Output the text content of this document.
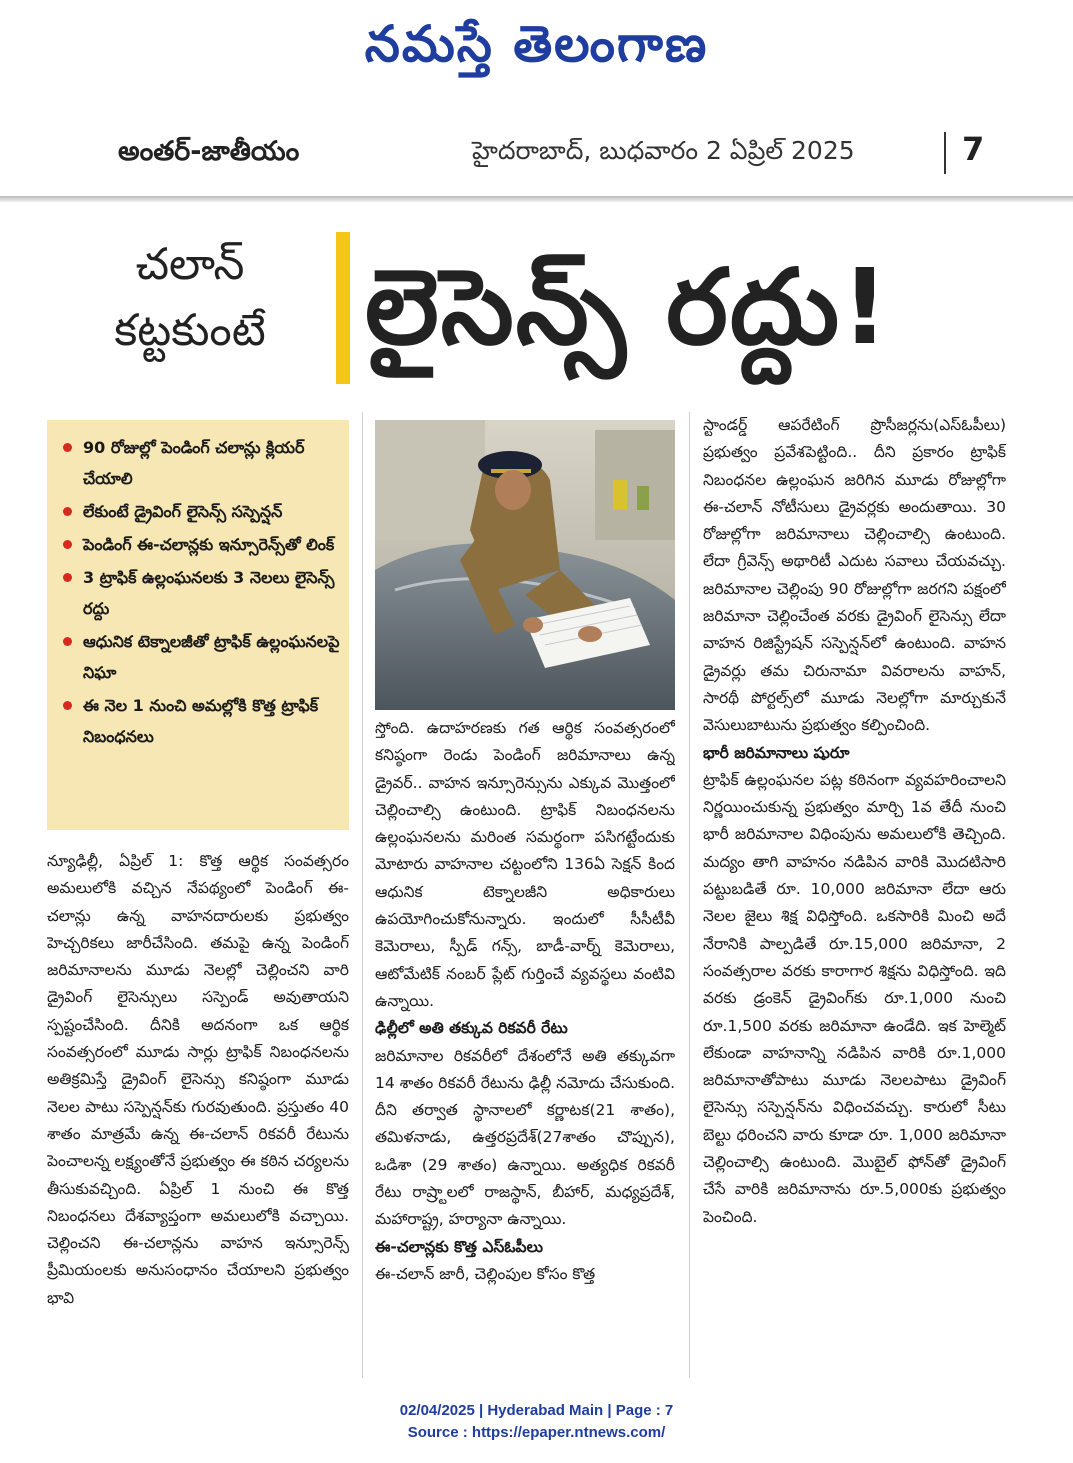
నమస్తే తెలంగాణ
అంతర్-జాతీయం	హైదరాబాద్, బుధవారం 2 ఏప్రిల్ 2025	7
చలాన్
కట్టకుంటే లైసెన్స్ రద్దు!
90 రోజుల్లో పెండింగ్ చలాన్లు క్లియర్ చేయాలి
లేకుంటే డ్రైవింగ్ లైసెన్స్ సస్పెన్షన్
పెండింగ్ ఈ-చలాన్లకు ఇన్సూరెన్స్‌తో లింక్
3 ట్రాఫిక్ ఉల్లంఘనలకు 3 నెలలు లైసెన్స్ రద్దు
ఆధునిక టెక్నాలజీతో ట్రాఫిక్ ఉల్లంఘనలపై నిఘా
ఈ నెల 1 నుంచి అమల్లోకి కొత్త ట్రాఫిక్ నిబంధనలు

న్యూఢిల్లీ, ఏప్రిల్ 1: కొత్త ఆర్థిక సంవత్సరం అమలులోకి వచ్చిన నేపథ్యంలో పెండింగ్ ఈ-చలాన్లు ఉన్న వాహనదారులకు ప్రభుత్వం హెచ్చరికలు జారీచేసింది. తమపై ఉన్న పెండింగ్ జరిమానాలను మూడు నెలల్లో చెల్లించని వారి డ్రైవింగ్ లైసెన్సులు సస్పెండ్ అవుతాయని స్పష్టంచేసింది. దీనికి అదనంగా ఒక ఆర్థిక సంవత్సరంలో మూడు సార్లు ట్రాఫిక్ నిబంధనలను అతిక్రమిస్తే డ్రైవింగ్ లైసెన్సు కనిష్ఠంగా మూడు నెలల పాటు సస్పెన్షన్‌కు గురవుతుంది. ప్రస్తుతం 40 శాతం మాత్రమే ఉన్న ఈ-చలాన్ రికవరీ రేటును పెంచాలన్న లక్ష్యంతోనే ప్రభుత్వం ఈ కఠిన చర్యలను తీసుకువచ్చింది. ఏప్రిల్ 1 నుంచి ఈ కొత్త నిబంధనలు దేశవ్యాప్తంగా అమలులోకి వచ్చాయి. చెల్లించని ఈ-చలాన్లను వాహన ఇన్సూరెన్స్ ప్రీమియంలకు అనుసంధానం చేయాలని ప్రభుత్వం భావి

స్తోంది. ఉదాహరణకు గత ఆర్థిక సంవత్సరంలో కనిష్ఠంగా రెండు పెండింగ్ జరిమానాలు ఉన్న డ్రైవర్.. వాహన ఇన్సూరెన్సును ఎక్కువ మొత్తంలో చెల్లించాల్సి ఉంటుంది. ట్రాఫిక్ నిబంధనలను ఉల్లంఘనలను మరింత సమర్థంగా పసిగట్టేందుకు మోటారు వాహనాల చట్టంలోని 136ఏ సెక్షన్ కింద ఆధునిక టెక్నాలజీని అధికారులు ఉపయోగించుకోనున్నారు. ఇందులో సీసీటీవీ కెమెరాలు, స్పీడ్ గన్స్, బాడీ-వార్న్ కెమెరాలు, ఆటోమేటిక్ నంబర్ ప్లేట్ గుర్తించే వ్యవస్థలు వంటివి ఉన్నాయి.

ఢిల్లీలో అతి తక్కువ రికవరీ రేటు

జరిమానాల రికవరీలో దేశంలోనే అతి తక్కువగా 14 శాతం రికవరీ రేటును ఢిల్లీ నమోదు చేసుకుంది. దీని తర్వాత స్థానాలలో కర్ణాటక(21 శాతం), తమిళనాడు, ఉత్తరప్రదేశ్(27శాతం చొప్పున), ఒడిశా (29 శాతం) ఉన్నాయి. అత్యధిక రికవరీ రేటు రాష్ర్టాలలో రాజస్థాన్, బీహార్, మధ్యప్రదేశ్, మహారాష్ట్ర, హర్యానా ఉన్నాయి.

ఈ-చలాన్లకు కొత్త ఎస్‌ఓపీలు

ఈ-చలాన్ జారీ, చెల్లింపుల కోసం కొత్త

స్టాండర్డ్ ఆపరేటింగ్ ప్రొసీజర్లను(ఎస్‌ఓపీలు) ప్రభుత్వం ప్రవేశపెట్టింది.. దీని ప్రకారం ట్రాఫిక్ నిబంధనల ఉల్లంఘన జరిగిన మూడు రోజుల్లోగా ఈ-చలాన్ నోటీసులు డ్రైవర్లకు అందుతాయి. 30 రోజుల్లోగా జరిమానాలు చెల్లించాల్సి ఉంటుంది. లేదా గ్రీవెన్స్ అథారిటీ ఎదుట సవాలు చేయవచ్చు. జరిమానాల చెల్లింపు 90 రోజుల్లోగా జరగని పక్షంలో జరిమానా చెల్లించేంత వరకు డ్రైవింగ్ లైసెన్సు లేదా వాహన రిజిస్ట్రేషన్ సస్పెన్షన్‌లో ఉంటుంది. వాహన డ్రైవర్లు తమ చిరునామా వివరాలను వాహన్, సారథీ పోర్టల్స్‌లో మూడు నెలల్లోగా మార్చుకునే వెసులుబాటును ప్రభుత్వం కల్పించింది.

భారీ జరిమానాలు షురూ

ట్రాఫిక్ ఉల్లంఘనల పట్ల కఠినంగా వ్యవహరించాలని నిర్ణయించుకున్న ప్రభుత్వం మార్చి 1వ తేదీ నుంచి భారీ జరిమానాల విధింపును అమలులోకి తెచ్చింది. మద్యం తాగి వాహనం నడిపిన వారికి మొదటిసారి పట్టుబడితే రూ. 10,000 జరిమానా లేదా ఆరు నెలల జైలు శిక్ష విధిస్తోంది. ఒకసారికి మించి అదే నేరానికి పాల్పడితే రూ.15,000 జరిమానా, 2 సంవత్సరాల వరకు కారాగార శిక్షను విధిస్తోంది. ఇది వరకు డ్రంకెన్ డ్రైవింగ్‌కు రూ.1,000 నుంచి రూ.1,500 వరకు జరిమానా ఉండేది. ఇక హెల్మెట్ లేకుండా వాహనాన్ని నడిపిన వారికి రూ.1,000 జరిమానాతోపాటు మూడు నెలలపాటు డ్రైవింగ్ లైసెన్సు సస్పెన్షన్‌ను విధించవచ్చు. కారులో సీటు బెల్టు ధరించని వారు కూడా రూ. 1,000 జరిమానా చెల్లించాల్సి ఉంటుంది. మొబైల్ ఫోన్‌తో డ్రైవింగ్ చేసే వారికి జరిమానాను రూ.5,000కు ప్రభుత్వం పెంచింది.

02/04/2025 | Hyderabad Main | Page : 7
Source : https://epaper.ntnews.com/
